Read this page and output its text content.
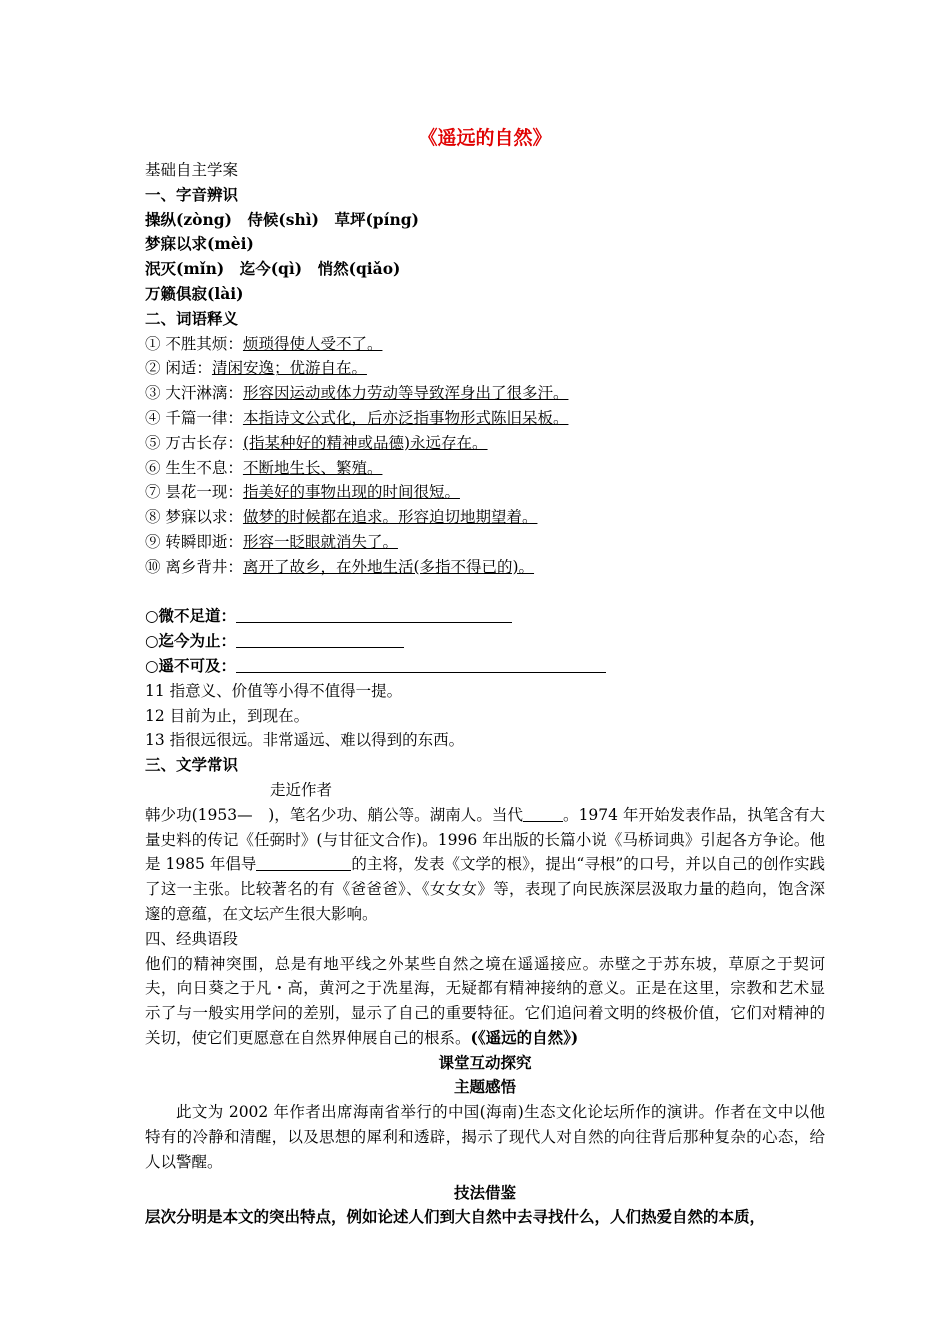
《遥远的自然》
基础自主学案
一、字音辨识
操纵(zòng)　侍候(shì)　草坪(píng)
梦寐以求(mèi)
泯灭(mǐn)　迄今(qì)　悄然(qiǎo)
万籁俱寂(lài)
二、词语释义
① 不胜其烦：烦琐得使人受不了。
② 闲适：清闲安逸；优游自在。
③ 大汗淋漓：形容因运动或体力劳动等导致浑身出了很多汗。
④ 千篇一律：本指诗文公式化，后亦泛指事物形式陈旧呆板。
⑤ 万古长存：(指某种好的精神或品德)永远存在。
⑥ 生生不息：不断地生长、繁殖。
⑦ 昙花一现：指美好的事物出现的时间很短。
⑧ 梦寐以求：做梦的时候都在追求。形容迫切地期望着。
⑨ 转瞬即逝：形容一眨眼就消失了。
⑩ 离乡背井：离开了故乡，在外地生活(多指不得已的)。
○微不足道：
○迄今为止：
○遥不可及：
11 指意义、价值等小得不值得一提。
12 目前为止，到现在。
13 指很远很远。非常遥远、难以得到的东西。
三、文学常识
走近作者
韩少功(1953—　)，笔名少功、艄公等。湖南人。当代	。1974 年开始发表作品，执笔含有大量史料的传记《任弼时》(与甘征文合作)。1996 年出版的长篇小说《马桥词典》引起各方争论。他是 1985 年倡导	的主将，发表《文学的根》，提出“寻根”的口号，并以自己的创作实践了这一主张。比较著名的有《爸爸爸》、《女女女》等，表现了向民族深层汲取力量的趋向，饱含深邃的意蕴，在文坛产生很大影响。
四、经典语段
他们的精神突围，总是有地平线之外某些自然之境在遥遥接应。赤壁之于苏东坡，草原之于契诃夫，向日葵之于凡・高，黄河之于冼星海，无疑都有精神接纳的意义。正是在这里，宗教和艺术显示了与一般实用学问的差别，显示了自己的重要特征。它们追问着文明的终极价值，它们对精神的关切，使它们更愿意在自然界伸展自己的根系。(《遥远的自然》)
课堂互动探究
主题感悟
此文为 2002 年作者出席海南省举行的中国(海南)生态文化论坛所作的演讲。作者在文中以他特有的冷静和清醒，以及思想的犀利和透辟，揭示了现代人对自然的向往背后那种复杂的心态，给人以警醒。
技法借鉴
层次分明是本文的突出特点，例如论述人们到大自然中去寻找什么，人们热爱自然的本质，
